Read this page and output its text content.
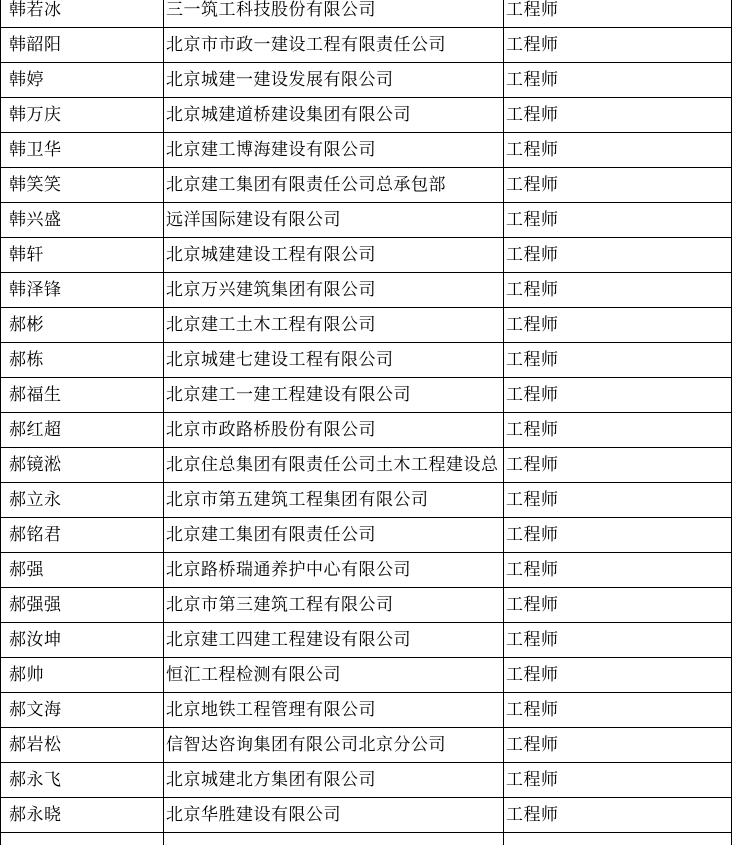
韩若冰	三一筑工科技股份有限公司	工程师
韩韶阳	北京市市政一建设工程有限责任公司	工程师
韩婷	北京城建一建设发展有限公司	工程师
韩万庆	北京城建道桥建设集团有限公司	工程师
韩卫华	北京建工博海建设有限公司	工程师
韩笑笑	北京建工集团有限责任公司总承包部	工程师
韩兴盛	远洋国际建设有限公司	工程师
韩轩	北京城建建设工程有限公司	工程师
韩泽锋	北京万兴建筑集团有限公司	工程师
郝彬	北京建工土木工程有限公司	工程师
郝栋	北京城建七建设工程有限公司	工程师
郝福生	北京建工一建工程建设有限公司	工程师
郝红超	北京市政路桥股份有限公司	工程师
郝镜淞	北京住总集团有限责任公司土木工程建设总	工程师
郝立永	北京市第五建筑工程集团有限公司	工程师
郝铭君	北京建工集团有限责任公司	工程师
郝强	北京路桥瑞通养护中心有限公司	工程师
郝强强	北京市第三建筑工程有限公司	工程师
郝汝坤	北京建工四建工程建设有限公司	工程师
郝帅	恒汇工程检测有限公司	工程师
郝文海	北京地铁工程管理有限公司	工程师
郝岩松	信智达咨询集团有限公司北京分公司	工程师
郝永飞	北京城建北方集团有限公司	工程师
郝永晓	北京华胜建设有限公司	工程师
